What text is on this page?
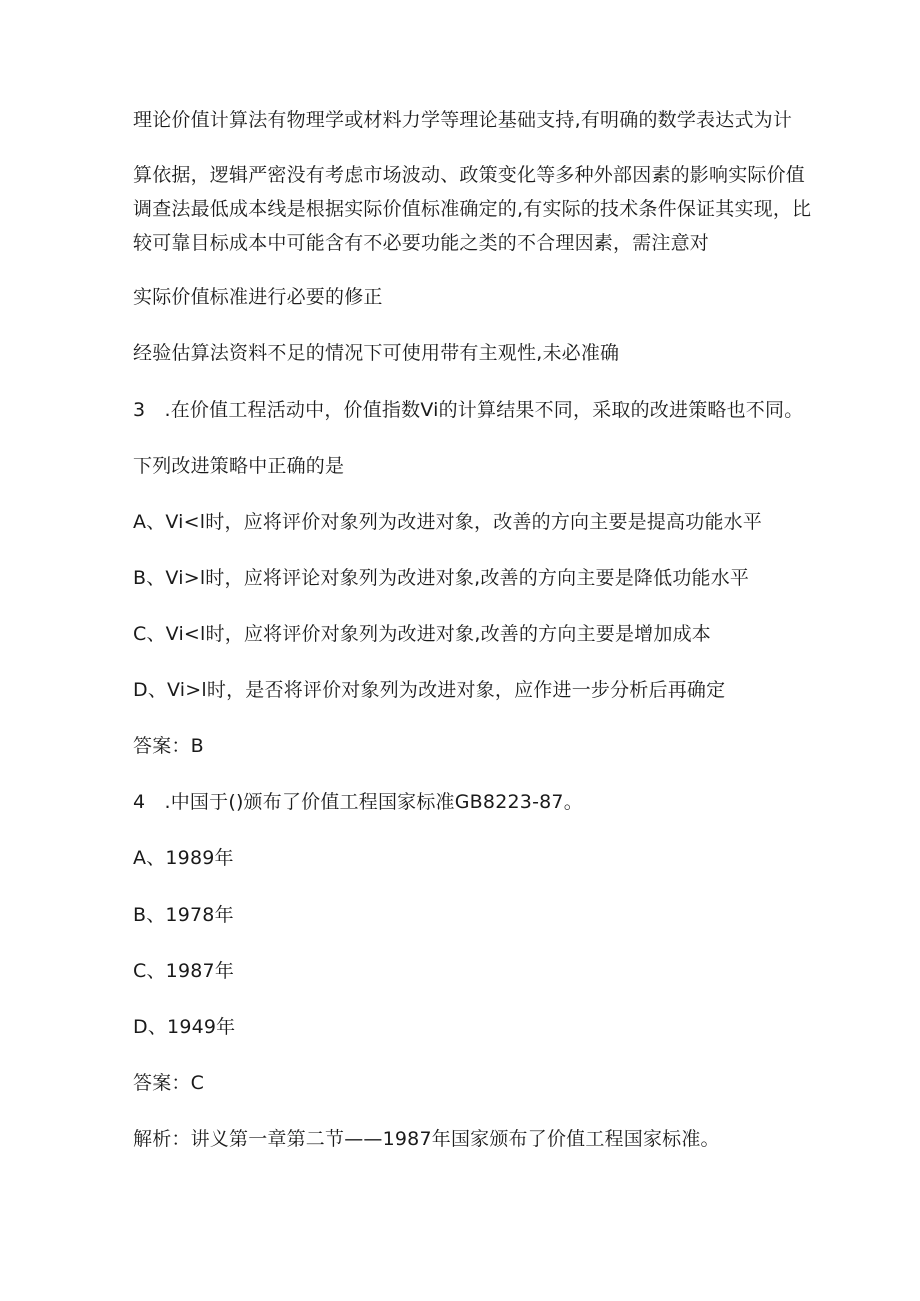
理论价值计算法有物理学或材料力学等理论基础支持,有明确的数学表达式为计
算依据，逻辑严密没有考虑市场波动、政策变化等多种外部因素的影响实际价值
调查法最低成本线是根据实际价值标准确定的,有实际的技术条件保证其实现，比
较可靠目标成本中可能含有不必要功能之类的不合理因素，需注意对
实际价值标准进行必要的修正
经验估算法资料不足的情况下可使用带有主观性,未必准确
3　.在价值工程活动中，价值指数Vi的计算结果不同，采取的改进策略也不同。
下列改进策略中正确的是
A、Vi<l时，应将评价对象列为改进对象，改善的方向主要是提高功能水平
B、Vi>l时，应将评论对象列为改进对象,改善的方向主要是降低功能水平
C、Vi<l时，应将评价对象列为改进对象,改善的方向主要是增加成本
D、Vi>l时，是否将评价对象列为改进对象，应作进一步分析后再确定
答案：B
4　.中国于()颁布了价值工程国家标准GB8223-87。
A、1989年
B、1978年
C、1987年
D、1949年
答案：C
解析：讲义第一章第二节——1987年国家颁布了价值工程国家标准。
